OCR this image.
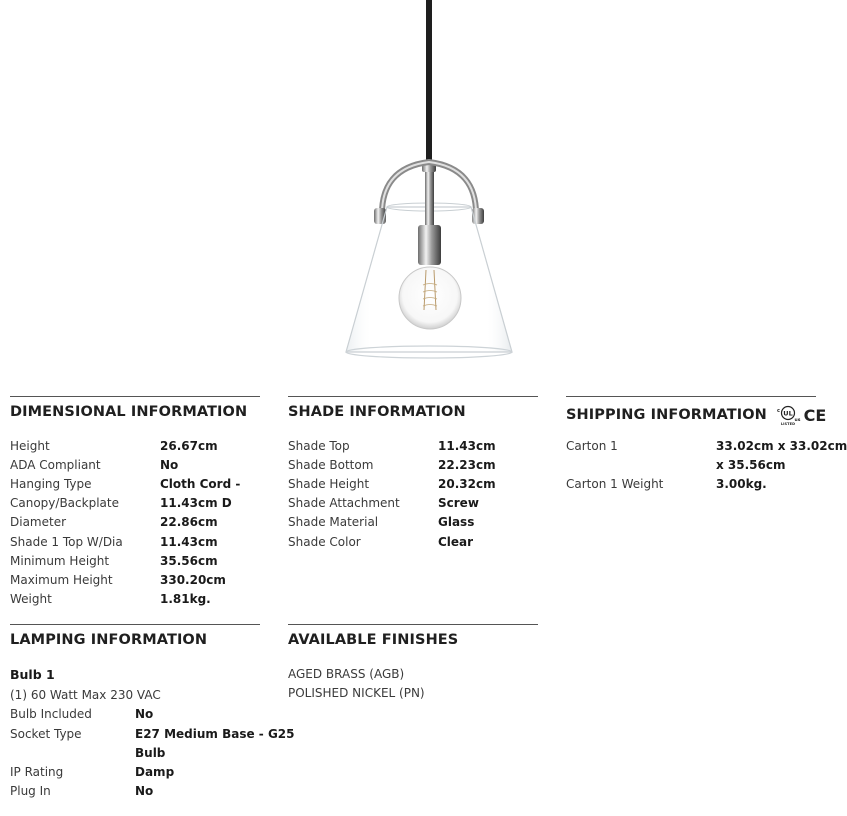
DIMENSIONAL INFORMATION
Height	26.67cm
ADA Compliant	No
Hanging Type	Cloth Cord -
Canopy/Backplate	11.43cm D
Diameter	22.86cm
Shade 1 Top W/Dia	11.43cm
Minimum Height	35.56cm
Maximum Height	330.20cm
Weight	1.81kg.
SHADE INFORMATION
Shade Top	11.43cm
Shade Bottom	22.23cm
Shade Height	20.32cm
Shade Attachment	Screw
Shade Material	Glass
Shade Color	Clear
SHIPPING INFORMATION UL
c
us
LISTED CE
Carton 1	33.02cm x 33.02cm
x 35.56cm
Carton 1 Weight	3.00kg.
LAMPING INFORMATION
Bulb 1
(1) 60 Watt Max 230 VAC
Bulb Included	No
Socket Type	E27 Medium Base - G25
Bulb
IP Rating	Damp
Plug In	No
AVAILABLE FINISHES
AGED BRASS (AGB)
POLISHED NICKEL (PN)
